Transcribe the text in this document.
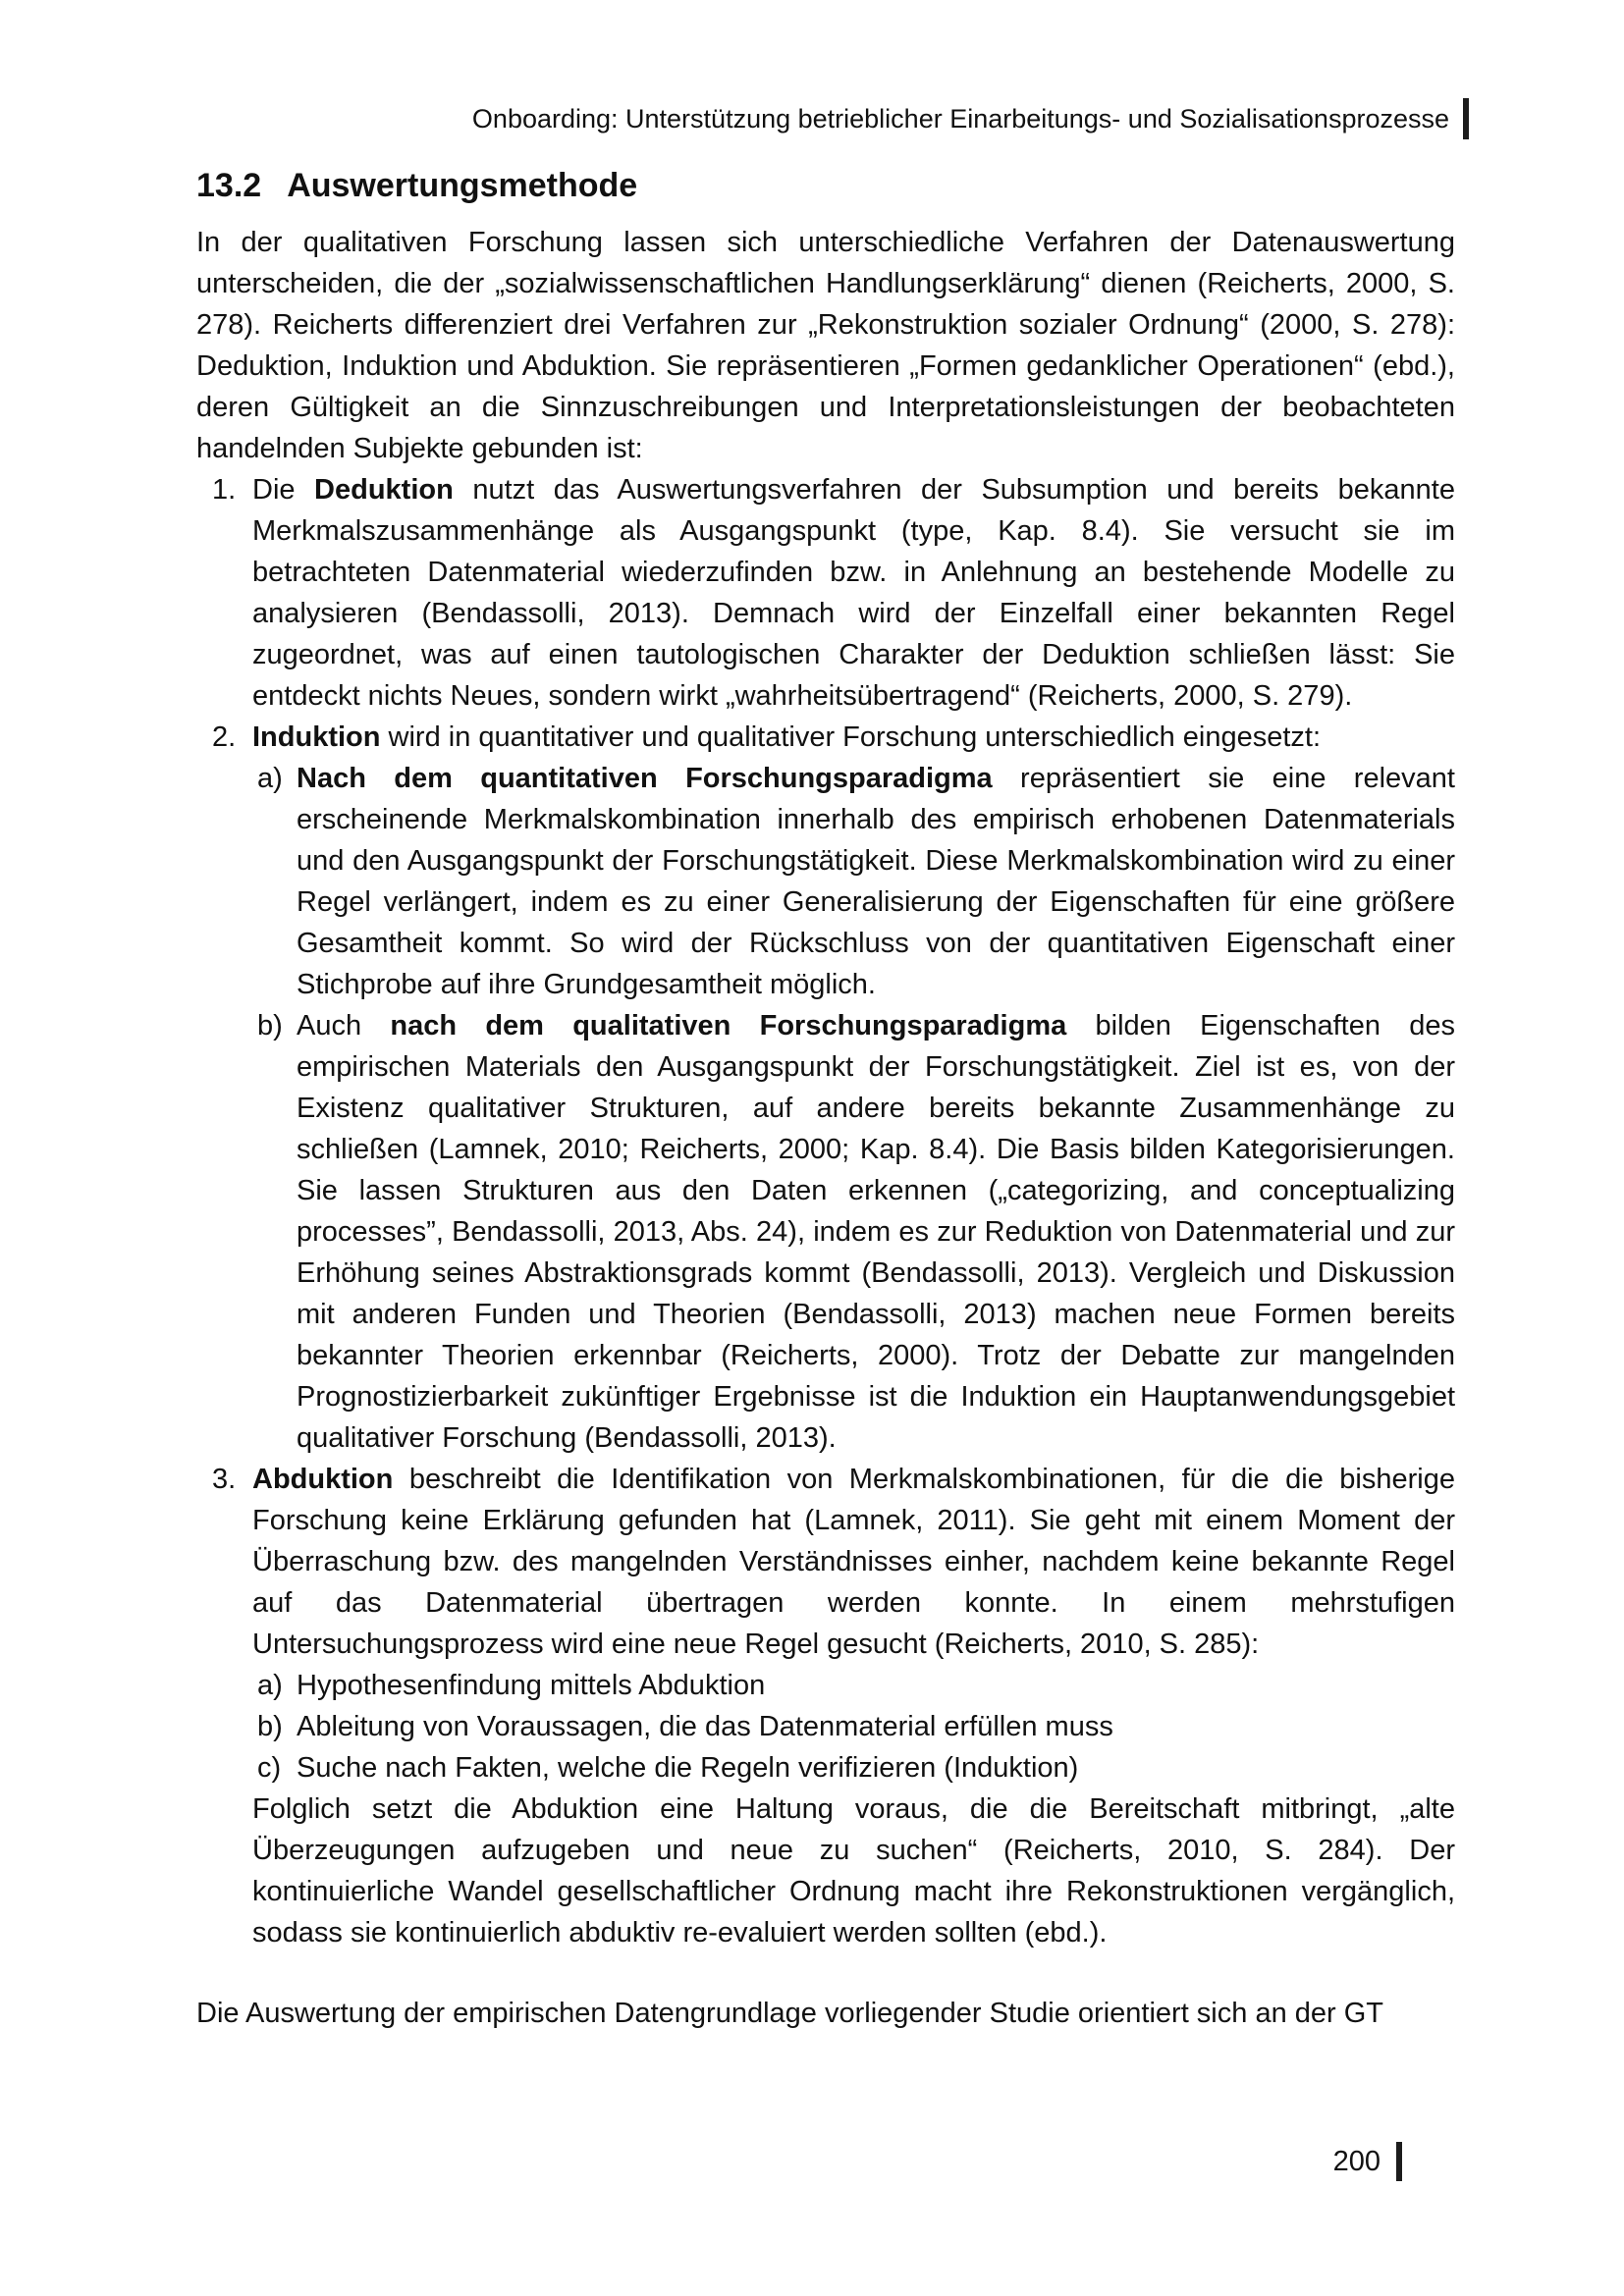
Onboarding: Unterstützung betrieblicher Einarbeitungs- und Sozialisationsprozesse
13.2 Auswertungsmethode

In der qualitativen Forschung lassen sich unterschiedliche Verfahren der Datenauswertung unterscheiden, die der „sozialwissenschaftlichen Handlungserklärung“ dienen (Reicherts, 2000, S. 278). Reicherts differenziert drei Verfahren zur „Rekonstruktion sozialer Ordnung“ (2000, S. 278): Deduktion, Induktion und Abduktion. Sie repräsentieren „Formen gedanklicher Operationen“ (ebd.), deren Gültigkeit an die Sinnzuschreibungen und Interpretationsleistungen der beobachteten handelnden Subjekte gebunden ist:

1. Die Deduktion nutzt das Auswertungsverfahren der Subsumption und bereits bekannte Merkmalszusammenhänge als Ausgangspunkt (type, Kap. 8.4). Sie versucht sie im betrachteten Datenmaterial wiederzufinden bzw. in Anlehnung an bestehende Modelle zu analysieren (Bendassolli, 2013). Demnach wird der Einzelfall einer bekannten Regel zugeordnet, was auf einen tautologischen Charakter der Deduktion schließen lässt: Sie entdeckt nichts Neues, sondern wirkt „wahrheitsübertragend“ (Reicherts, 2000, S. 279).
2. Induktion wird in quantitativer und qualitativer Forschung unterschiedlich eingesetzt:
a) Nach dem quantitativen Forschungsparadigma repräsentiert sie eine relevant erscheinende Merkmalskombination innerhalb des empirisch erhobenen Datenmaterials und den Ausgangspunkt der Forschungstätigkeit. Diese Merkmalskombination wird zu einer Regel verlängert, indem es zu einer Generalisierung der Eigenschaften für eine größere Gesamtheit kommt. So wird der Rückschluss von der quantitativen Eigenschaft einer Stichprobe auf ihre Grundgesamtheit möglich.
b) Auch nach dem qualitativen Forschungsparadigma bilden Eigenschaften des empirischen Materials den Ausgangspunkt der Forschungstätigkeit. Ziel ist es, von der Existenz qualitativer Strukturen, auf andere bereits bekannte Zusammenhänge zu schließen (Lamnek, 2010; Reicherts, 2000; Kap. 8.4). Die Basis bilden Kategorisierungen. Sie lassen Strukturen aus den Daten erkennen („categorizing, and conceptualizing processes”, Bendassolli, 2013, Abs. 24), indem es zur Reduktion von Datenmaterial und zur Erhöhung seines Abstraktionsgrads kommt (Bendassolli, 2013). Vergleich und Diskussion mit anderen Funden und Theorien (Bendassolli, 2013) machen neue Formen bereits bekannter Theorien erkennbar (Reicherts, 2000). Trotz der Debatte zur mangelnden Prognostizierbarkeit zukünftiger Ergebnisse ist die Induktion ein Hauptanwendungsgebiet qualitativer Forschung (Bendassolli, 2013).
3. Abduktion beschreibt die Identifikation von Merkmalskombinationen, für die die bisherige Forschung keine Erklärung gefunden hat (Lamnek, 2011). Sie geht mit einem Moment der Überraschung bzw. des mangelnden Verständnisses einher, nachdem keine bekannte Regel auf das Datenmaterial übertragen werden konnte. In einem mehrstufigen Untersuchungsprozess wird eine neue Regel gesucht (Reicherts, 2010, S. 285):
a) Hypothesenfindung mittels Abduktion
b) Ableitung von Voraussagen, die das Datenmaterial erfüllen muss
c) Suche nach Fakten, welche die Regeln verifizieren (Induktion)
Folglich setzt die Abduktion eine Haltung voraus, die die Bereitschaft mitbringt, „alte Überzeugungen aufzugeben und neue zu suchen“ (Reicherts, 2010, S. 284). Der kontinuierliche Wandel gesellschaftlicher Ordnung macht ihre Rekonstruktionen vergänglich, sodass sie kontinuierlich abduktiv re-evaluiert werden sollten (ebd.).

Die Auswertung der empirischen Datengrundlage vorliegender Studie orientiert sich an der GT

200
